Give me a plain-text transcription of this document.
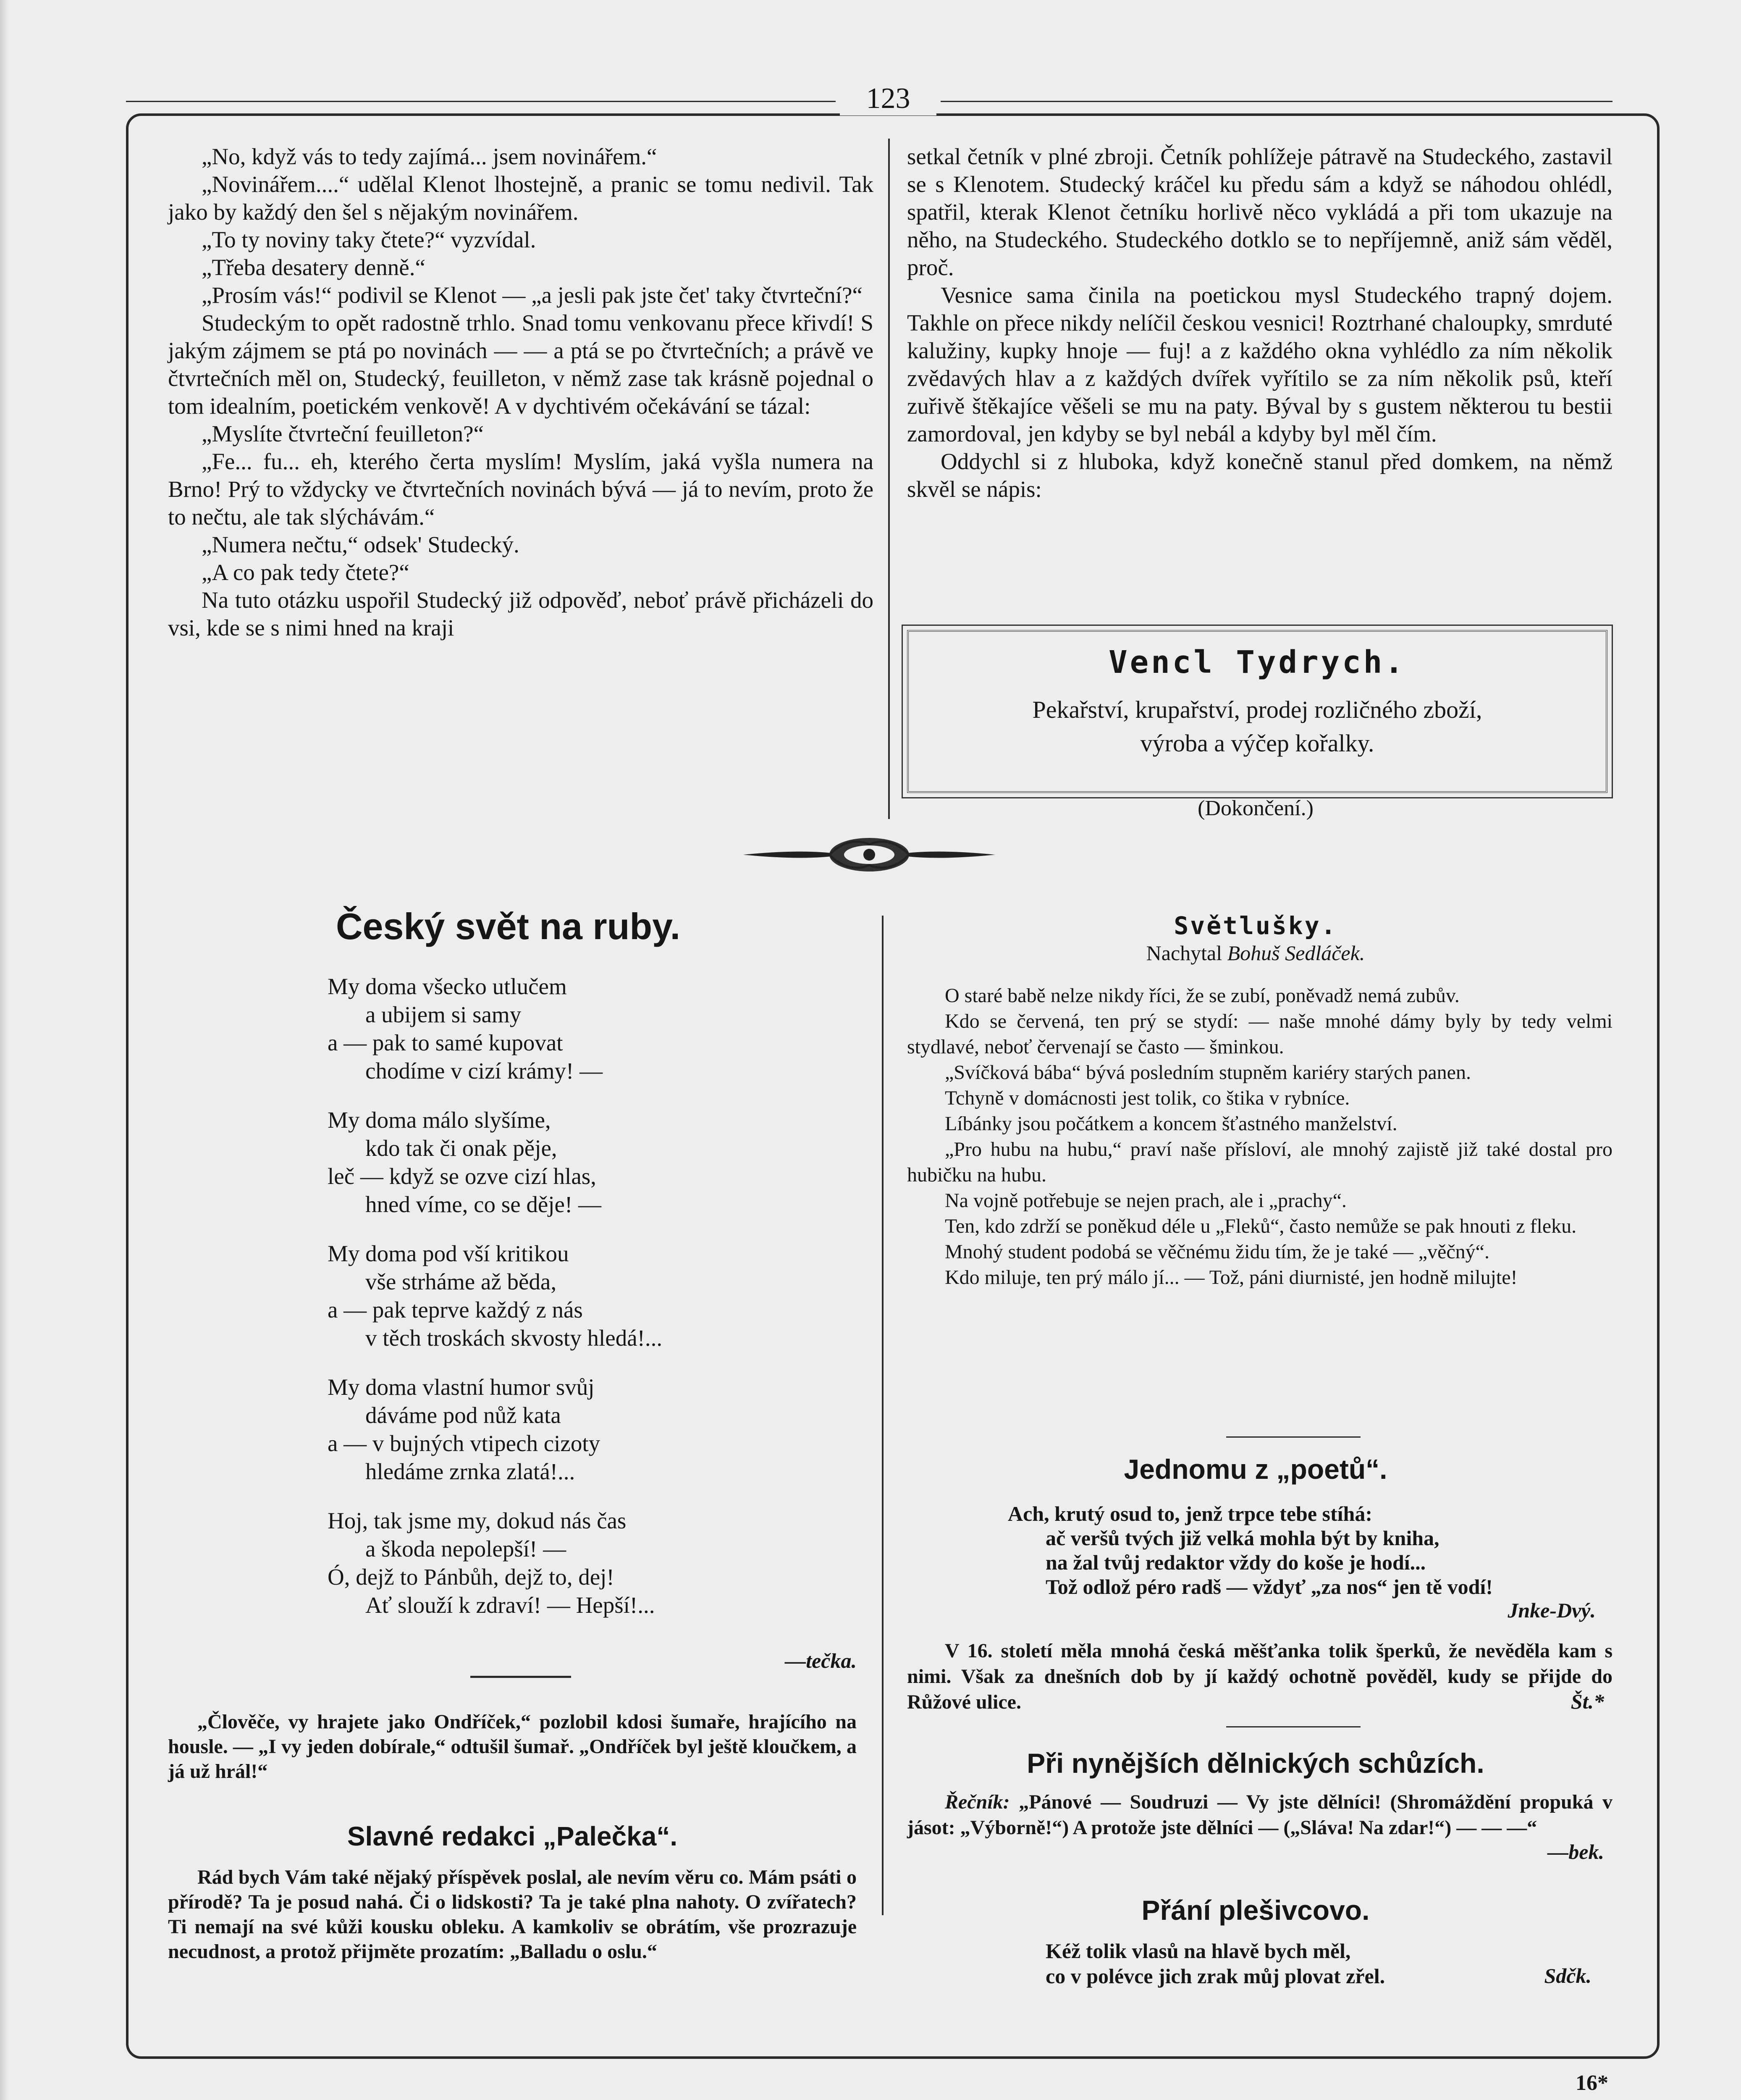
123

„No, když vás to tedy zajímá... jsem novinářem.“

„Novinářem....“ udělal Klenot lhostejně, a pranic se tomu nedivil. Tak jako by každý den šel s nějakým novinářem.

„To ty noviny taky čtete?“ vyzvídal.

„Třeba desatery denně.“

„Prosím vás!“ podivil se Klenot — „a jesli pak jste čet' taky čtvrteční?“

Studeckým to opět radostně trhlo. Snad tomu venkovanu přece křivdí! S jakým zájmem se ptá po novinách — — a ptá se po čtvrtečních; a právě ve čtvrtečních měl on, Studecký, feuilleton, v němž zase tak krásně pojednal o tom idealním, poetickém venkově! A v dychtivém očekávání se tázal:

„Myslíte čtvrteční feuilleton?“

„Fe... fu... eh, kterého čerta myslím! Myslím, jaká vyšla numera na Brno! Prý to vždycky ve čtvrtečních novinách bývá — já to nevím, proto že to nečtu, ale tak slýchávám.“

„Numera nečtu,“ odsek' Studecký.

„A co pak tedy čtete?“

Na tuto otázku uspořil Studecký již odpověď, neboť právě přicházeli do vsi, kde se s nimi hned na kraji

setkal četník v plné zbroji. Četník pohlížeje pátravě na Studeckého, zastavil se s Klenotem. Studecký kráčel ku předu sám a když se náhodou ohlédl, spatřil, kterak Klenot četníku horlivě něco vykládá a při tom ukazuje na něho, na Studeckého. Studeckého dotklo se to nepříjemně, aniž sám věděl, proč.

Vesnice sama činila na poetickou mysl Studeckého trapný dojem. Takhle on přece nikdy nelíčil českou vesnici! Roztrhané chaloupky, smrduté kalužiny, kupky hnoje — fuj! a z každého okna vyhlédlo za ním několik zvědavých hlav a z každých dvířek vyřítilo se za ním několik psů, kteří zuřivě štěkajíce věšeli se mu na paty. Býval by s gustem některou tu bestii zamordoval, jen kdyby se byl nebál a kdyby byl měl čím.

Oddychl si z hluboka, když konečně stanul před domkem, na němž skvěl se nápis:

Vencl Tydrych.
Pekařství, krupařství, prodej rozličného zboží,
výroba a výčep kořalky.
(Dokončení.)
Český svět na ruby.
My doma všecko utlučem
a ubijem si samy
a — pak to samé kupovat
chodíme v cizí krámy! —
My doma málo slyšíme,
kdo tak či onak pěje,
leč — když se ozve cizí hlas,
hned víme, co se děje! —
My doma pod vší kritikou
vše strháme až běda,
a — pak teprve každý z nás
v těch troskách skvosty hledá!...
My doma vlastní humor svůj
dáváme pod nůž kata
a — v bujných vtipech cizoty
hledáme zrnka zlatá!...
Hoj, tak jsme my, dokud nás čas
a škoda nepolepší! —
Ó, dejž to Pánbůh, dejž to, dej!
Ať slouží k zdraví! — Hepší!...
—tečka.

„Člověče, vy hrajete jako Ondříček,“ pozlobil kdosi šumaře, hrajícího na housle. — „I vy jeden dobírale,“ odtušil šumař. „Ondříček byl ještě kloučkem, a já už hrál!“

Slavné redakci „Palečka“.

Rád bych Vám také nějaký příspěvek poslal, ale nevím věru co. Mám psáti o přírodě? Ta je posud nahá. Či o lidskosti? Ta je také plna nahoty. O zvířatech? Ti nemají na své kůži kousku obleku. A kamkoliv se obrátím, vše prozrazuje necudnost, a protož přijměte prozatím: „Balladu o oslu.“

Světlušky.
Nachytal Bohuš Sedláček.

O staré babě nelze nikdy říci, že se zubí, poněvadž nemá zubův.

Kdo se červená, ten prý se stydí: — naše mnohé dámy byly by tedy velmi stydlavé, neboť červenají se často — šminkou.

„Svíčková bába“ bývá posledním stupněm kariéry starých panen.

Tchyně v domácnosti jest tolik, co štika v rybníce.

Líbánky jsou počátkem a koncem šťastného manželství.

„Pro hubu na hubu,“ praví naše přísloví, ale mnohý zajistě již také dostal pro hubičku na hubu.

Na vojně potřebuje se nejen prach, ale i „prachy“.

Ten, kdo zdrží se poněkud déle u „Fleků“, často nemůže se pak hnouti z fleku.

Mnohý student podobá se věčnému židu tím, že je také — „věčný“.

Kdo miluje, ten prý málo jí... — Tož, páni diurnisté, jen hodně milujte!

Jednomu z „poetů“.
Ach, krutý osud to, jenž trpce tebe stíhá:
ač veršů tvých již velká mohla být by kniha,
na žal tvůj redaktor vždy do koše je hodí...
Tož odlož péro radš — vždyť „za nos“ jen tě vodí!
Jnke-Dvý.

V 16. století měla mnohá česká měšťanka tolik šperků, že nevěděla kam s nimi. Však za dnešních dob by jí každý ochotně pověděl, kudy se přijde do Růžové ulice.	Št.*
Při nynějších dělnických schůzích.

Řečník: „Pánové — Soudruzi — Vy jste dělníci! (Shromáždění propuká v jásot: „Výborně!“) A protože jste dělníci — („Sláva! Na zdar!“) — — —“

—bek.
Přání plešivcovo.
Kéž tolik vlasů na hlavě bych měl,
co v polévce jich zrak můj plovat zřel.	Sdčk.
16*
